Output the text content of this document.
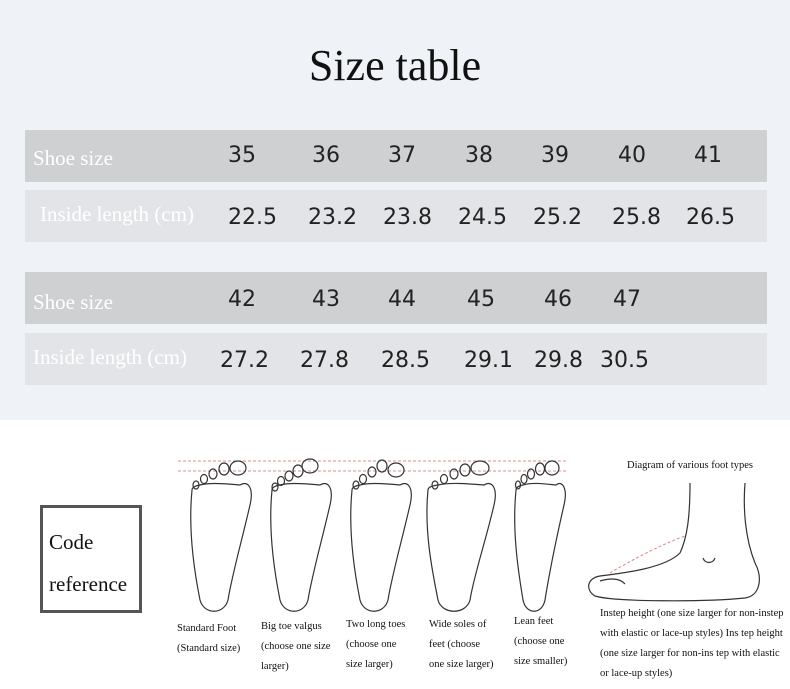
Size table
Shoe size	35	36 37 38 39 40 41
Inside length (cm) 22.5 23.2 23.8 24.5 25.2 25.8 26.5
Shoe size	42	43 44 45 46 47
Inside length (cm) 27.2 27.8 28.5 29.1 29.8 30.5
Code
reference
Standard Foot
(Standard size)
Big toe valgus
(choose one size
larger)
Two long toes
(choose one
size larger)
Wide soles of
feet (choose
one size larger)
Lean feet
(choose one
size smaller)
Diagram of various foot types
Instep height (one size larger for non-instep with elastic or lace-up styles) Ins tep height (one size larger for non-ins tep with elastic or lace-up styles)
